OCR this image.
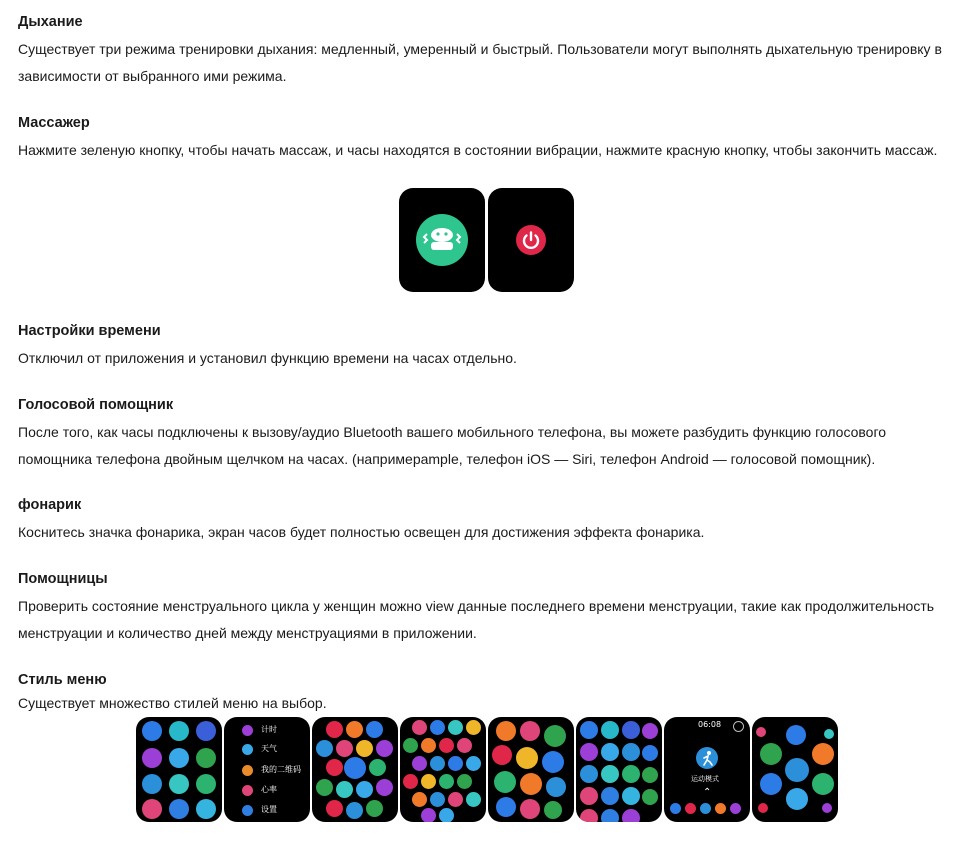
Дыхание

Существует три режима тренировки дыхания: медленный, умеренный и быстрый. Пользователи могут выполнять дыхательную тренировку в зависимости от выбранного ими режима.

Массажер

Нажмите зеленую кнопку, чтобы начать массаж, и часы находятся в состоянии вибрации, нажмите красную кнопку, чтобы закончить массаж.

Настройки времени

Отключил от приложения и установил функцию времени на часах отдельно.

Голосовой помощник

После того, как часы подключены к вызову/аудио Bluetooth вашего мобильного телефона, вы можете разбудить функцию голосового помощника телефона двойным щелчком на часах. (напримерample, телефон iOS — Siri, телефон Android — голосовой помощник).

фонарик

Коснитесь значка фонарика, экран часов будет полностью освещен для достижения эффекта фонарика.

Помощницы

Проверить состояние менструального цикла у женщин можно view данные последнего времени менструации, такие как продолжительность менструации и количество дней между менструациями в приложении.

Стиль меню

Существует множество стилей меню на выбор.

计时
天气
我的二维码
心率
设置
06:08
运动模式
⌃
